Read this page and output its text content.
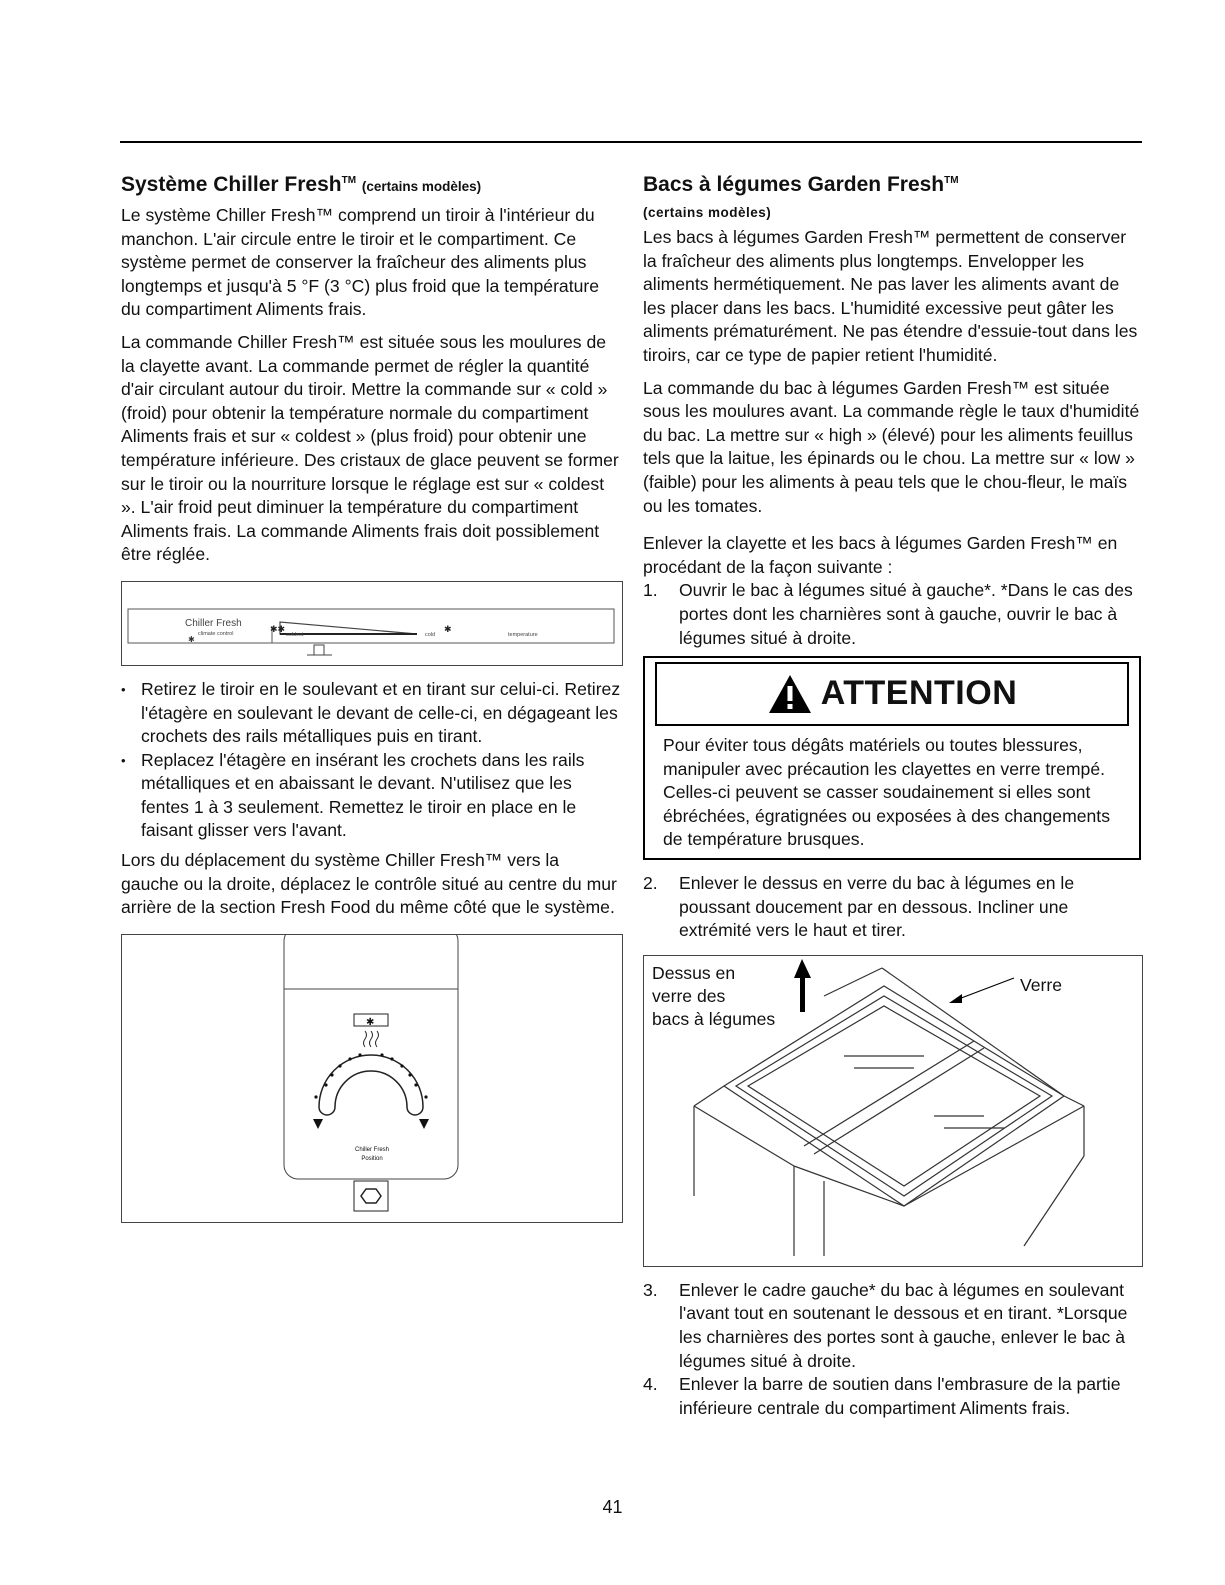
Système Chiller Fresh™ (certains modèles)

Le système Chiller Fresh™ comprend un tiroir à l'intérieur du manchon. L'air circule entre le tiroir et le compartiment. Ce système permet de conserver la fraîcheur des aliments plus longtemps et jusqu'à 5 °F (3 °C) plus froid que la température du compartiment Aliments frais.

La commande Chiller Fresh™ est située sous les moulures de la clayette avant. La commande permet de régler la quantité d'air circulant autour du tiroir. Mettre la commande sur « cold » (froid) pour obtenir la température normale du compartiment Aliments frais et sur « coldest » (plus froid) pour obtenir une température inférieure. Des cristaux de glace peuvent se former sur le tiroir ou la nourriture lorsque le réglage est sur « coldest ». L'air froid peut diminuer la température du compartiment Aliments frais. La commande Aliments frais doit possiblement être réglée.

✱✱	✱
✱
Chiller Fresh
climate control	coldest	cold	temperature
• Retirez le tiroir en le soulevant et en tirant sur celui-ci. Retirez l'étagère en soulevant le devant de celle-ci, en dégageant les crochets des rails métalliques puis en tirant.
• Replacez l'étagère en insérant les crochets dans les rails métalliques et en abaissant le devant. N'utilisez que les fentes 1 à 3 seulement. Remettez le tiroir en place en le faisant glisser vers l'avant.

Lors du déplacement du système Chiller Fresh™ vers la gauche ou la droite, déplacez le contrôle situé au centre du mur arrière de la section Fresh Food du même côté que le système.

✱
Chiller Fresh
Position
Bacs à légumes Garden Fresh™
(certains modèles)

Les bacs à légumes Garden Fresh™ permettent de conserver la fraîcheur des aliments plus longtemps. Envelopper les aliments hermétiquement. Ne pas laver les aliments avant de les placer dans les bacs. L'humidité excessive peut gâter les aliments prématurément. Ne pas étendre d'essuie-tout dans les tiroirs, car ce type de papier retient l'humidité.

La commande du bac à légumes Garden Fresh™ est située sous les moulures avant. La commande règle le taux d'humidité du bac. La mettre sur « high » (élevé) pour les aliments feuillus tels que la laitue, les épinards ou le chou. La mettre sur « low » (faible) pour les aliments à peau tels que le chou-fleur, le maïs ou les tomates.

Enlever la clayette et les bacs à légumes Garden Fresh™ en procédant de la façon suivante :

1. Ouvrir le bac à légumes situé à gauche*. *Dans le cas des portes dont les charnières sont à gauche, ouvrir le bac à légumes situé à droite.
ATTENTION
Pour éviter tous dégâts matériels ou toutes blessures, manipuler avec précaution les clayettes en verre trempé. Celles-ci peuvent se casser soudainement si elles sont ébréchées, égratignées ou exposées à des changements de température brusques.
2. Enlever le dessus en verre du bac à légumes en le poussant doucement par en dessous. Incliner une extrémité vers le haut et tirer.
Dessus en
verre des
bacs à légumes
Verre
3. Enlever le cadre gauche* du bac à légumes en soulevant l'avant tout en soutenant le dessous et en tirant. *Lorsque les charnières des portes sont à gauche, enlever le bac à légumes situé à droite.
4. Enlever la barre de soutien dans l'embrasure de la partie inférieure centrale du compartiment Aliments frais.
41
